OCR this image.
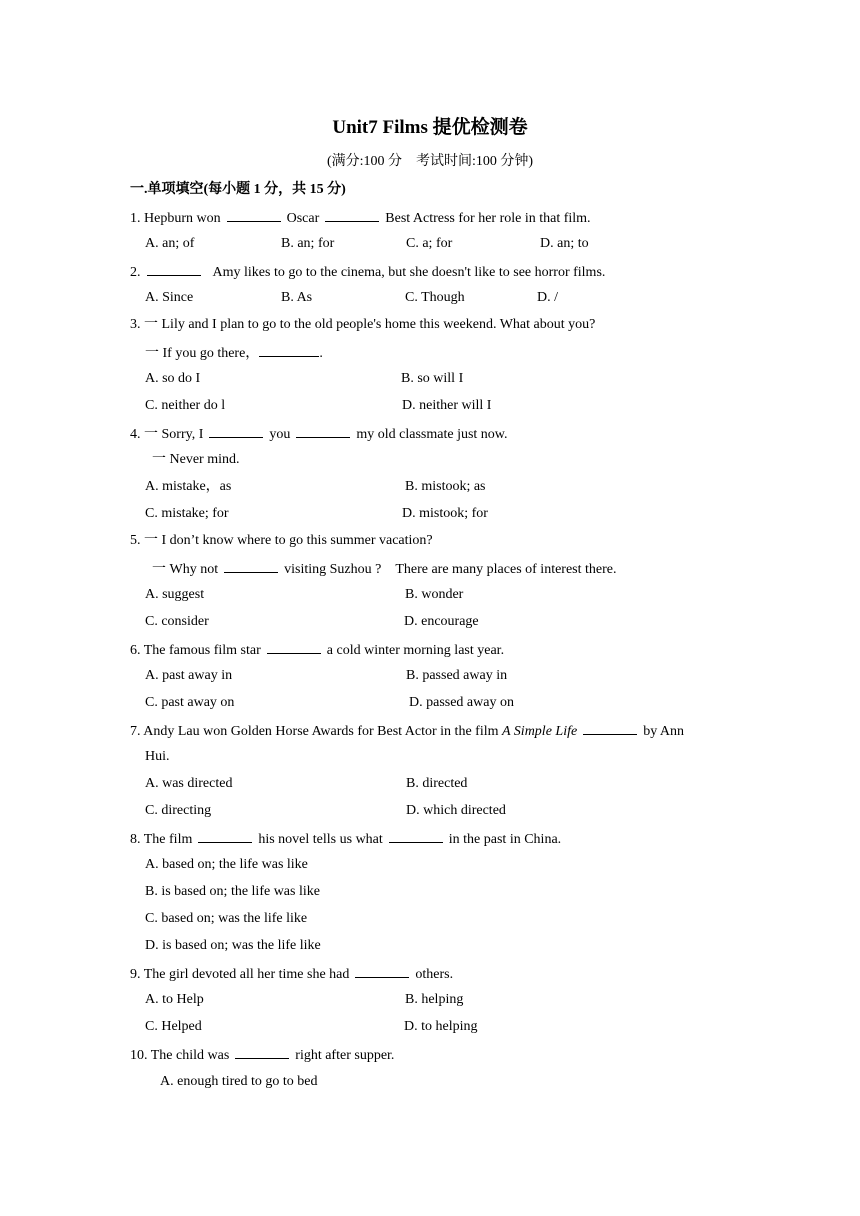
Unit7 Films 提优检测卷
(满分:100 分　考试时间:100 分钟)
一.单项填空(每小题 1 分，共 15 分)
1. Hepburn won	Oscar	Best Actress for her role in that film.
A. an; of	B. an; for	C. a; for	D. an; to
2.	Amy likes to go to the cinema, but she doesn't like to see horror films.
A. Since	B. As	C. Though	D. /
3. 一 Lily and I plan to go to the old people's home this weekend. What about you?
一 If you go there，	.
A. so do I	B. so will I
C. neither do l	D. neither will I
4. 一 Sorry, I	you	my old classmate just now.
一 Never mind.
A. mistake，as	B. mistook; as
C. mistake; for	D. mistook; for
5. 一 I don’t know where to go this summer vacation?
一 Why not	visiting Suzhou ?　There are many places of interest there.
A. suggest	B. wonder
C. consider	D. encourage
6. The famous film star	a cold winter morning last year.
A. past away in	B. passed away in
C. past away on	D. passed away on
7. Andy Lau won Golden Horse Awards for Best Actor in the film A Simple Life	by Ann
Hui.
A. was directed	B. directed
C. directing	D. which directed
8. The film	his novel tells us what	in the past in China.
A. based on; the life was like
B. is based on; the life was like
C. based on; was the life like
D. is based on; was the life like
9. The girl devoted all her time she had	others.
A. to Help	B. helping
C. Helped	D. to helping
10. The child was	right after supper.
A. enough tired to go to bed
